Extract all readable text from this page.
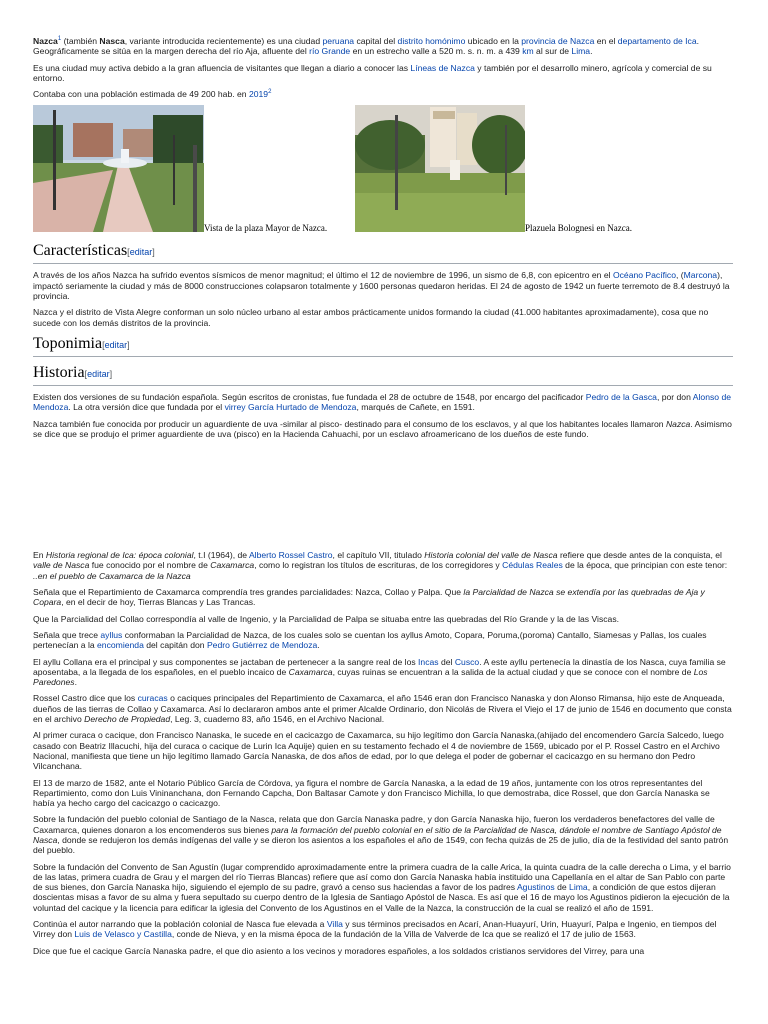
Nazca$^1$ (también Nasca, variante introducida recientemente) es una ciudad peruana capital del distrito homónimo ubicado en la provincia de Nazca en el departamento de Ica. Geográficamente se sitúa en la margen derecha del río Aja, afluente del río Grande en un estrecho valle a 520 m. s. n. m. a 439 km al sur de Lima.

Es una ciudad muy activa debido a la gran afluencia de visitantes que llegan a diario a conocer las Líneas de Nazca y también por el desarrollo minero, agrícola y comercial de su entorno.

Contaba con una población estimada de 49 200 hab. en 2019$^2$

Vista de la plaza Mayor de Nazca.	Plazuela Bolognesi en Nazca.
Características[editar]

A través de los años Nazca ha sufrido eventos sísmicos de menor magnitud; el último el 12 de noviembre de 1996, un sismo de 6,8, con epicentro en el Océano Pacífico, (Marcona), impactó seriamente la ciudad y más de 8000 construcciones colapsaron totalmente y 1600 personas quedaron heridas. El 24 de agosto de 1942 un fuerte terremoto de 8.4 destruyó la provincia.

Nazca y el distrito de Vista Alegre conforman un solo núcleo urbano al estar ambos prácticamente unidos formando la ciudad (41.000 habitantes aproximadamente), cosa que no sucede con los demás distritos de la provincia.

Toponimia[editar]
Historia[editar]

Existen dos versiones de su fundación española. Según escritos de cronistas, fue fundada el 28 de octubre de 1548, por encargo del pacificador Pedro de la Gasca, por don Alonso de Mendoza. La otra versión dice que fundada por el virrey García Hurtado de Mendoza, marqués de Cañete, en 1591.

Nazca también fue conocida por producir un aguardiente de uva -similar al pisco- destinado para el consumo de los esclavos, y al que los habitantes locales llamaron Nazca. Asimismo se dice que se produjo el primer aguardiente de uva (pisco) en la Hacienda Cahuachi, por un esclavo afroamericano de los dueños de este fundo.

En Historia regional de Ica: época colonial, t.I (1964), de Alberto Rossel Castro, el capítulo VII, titulado Historia colonial del valle de Nasca refiere que desde antes de la conquista, el valle de Nasca fue conocido por el nombre de Caxamarca, como lo registran los títulos de escrituras, de los corregidores y Cédulas Reales de la época, que principian con este tenor: ..en el pueblo de Caxamarca de la Nazca

Señala que el Repartimiento de Caxamarca comprendía tres grandes parcialidades: Nazca, Collao y Palpa. Que la Parcialidad de Nazca se extendía por las quebradas de Aja y Copara, en el decir de hoy, Tierras Blancas y Las Trancas.

Que la Parcialidad del Collao correspondía al valle de Ingenio, y la Parcialidad de Palpa se situaba entre las quebradas del Río Grande y la de las Viscas.

Señala que trece ayllus conformaban la Parcialidad de Nazca, de los cuales solo se cuentan los ayllus Amoto, Copara, Poruma,(poroma) Cantallo, Siamesas y Pallas, los cuales pertenecían a la encomienda del capitán don Pedro Gutiérrez de Mendoza.

El ayllu Collana era el principal y sus componentes se jactaban de pertenecer a la sangre real de los Incas del Cusco. A este ayllu pertenecía la dinastía de los Nasca, cuya familia se aposentaba, a la llegada de los españoles, en el pueblo incaico de Caxamarca, cuyas ruinas se encuentran a la salida de la actual ciudad y que se conoce con el nombre de Los Paredones.

Rossel Castro dice que los curacas o caciques principales del Repartimiento de Caxamarca, el año 1546 eran don Francisco Nanaska y don Alonso Rimansa, hijo este de Anqueada, dueños de las tierras de Collao y Caxamarca. Así lo declararon ambos ante el primer Alcalde Ordinario, don Nicolás de Rivera el Viejo el 17 de junio de 1546 en documento que consta en el archivo Derecho de Propiedad, Leg. 3, cuaderno 83, año 1546, en el Archivo Nacional.

Al primer curaca o cacique, don Francisco Nanaska, le sucede en el cacicazgo de Caxamarca, su hijo legítimo don García Nanaska,(ahijado del encomendero García Salcedo, luego casado con Beatriz Illacuchi, hija del curaca o cacique de Lurin Ica Aquije) quien en su testamento fechado el 4 de noviembre de 1569, ubicado por el P. Rossel Castro en el Archivo Nacional, manifiesta que tiene un hijo legítimo llamado García Nanaska, de dos años de edad, por lo que delega el poder de gobernar el cacicazgo en su hermano don Pedro Vilcanchana.

El 13 de marzo de 1582, ante el Notario Público García de Córdova, ya figura el nombre de García Nanaska, a la edad de 19 años, juntamente con los otros representantes del Repartimiento, como don Luis Vininanchana, don Fernando Capcha, Don Baltasar Camote y don Francisco Michilla, lo que demostraba, dice Rossel, que don García Nanaska se había ya hecho cargo del cacicazgo o cacicazgo.

Sobre la fundación del pueblo colonial de Santiago de la Nasca, relata que don García Nanaska padre, y don García Nanaska hijo, fueron los verdaderos benefactores del valle de Caxamarca, quienes donaron a los encomenderos sus bienes para la formación del pueblo colonial en el sitio de la Parcialidad de Nasca, dándole el nombre de Santiago Apóstol de Nasca, donde se redujeron los demás indígenas del valle y se dieron los asientos a los españoles el año de 1549, con fecha quizás de 25 de julio, día de la festividad del santo patrón del pueblo.

Sobre la fundación del Convento de San Agustín (lugar comprendido aproximadamente entre la primera cuadra de la calle Arica, la quinta cuadra de la calle derecha o Lima, y el barrio de las latas, primera cuadra de Grau y el margen del río Tierras Blancas) refiere que así como don García Nanaska había instituido una Capellanía en el altar de San Pablo con parte de sus bienes, don García Nanaska hijo, siguiendo el ejemplo de su padre, gravó a censo sus haciendas a favor de los padres Agustinos de Lima, a condición de que estos dijeran doscientas misas a favor de su alma y fuera sepultado su cuerpo dentro de la Iglesia de Santiago Apóstol de Nasca. Es así que el 16 de mayo los Agustinos pidieron la ejecución de la voluntad del cacique y la licencia para edificar la iglesia del Convento de los Agustinos en el Valle de la Nazca, la construcción de la cual se realizó el año de 1591.

Continúa el autor narrando que la población colonial de Nasca fue elevada a Villa y sus términos precisados en Acarí, Anan-Huayurí, Urin, Huayurí, Palpa e Ingenio, en tiempos del Virrey don Luis de Velasco y Castilla, conde de Nieva, y en la misma época de la fundación de la Villa de Valverde de Ica que se realizó el 17 de julio de 1563.

Dice que fue el cacique García Nanaska padre, el que dio asiento a los vecinos y moradores españoles, a los soldados cristianos servidores del Virrey, para una
